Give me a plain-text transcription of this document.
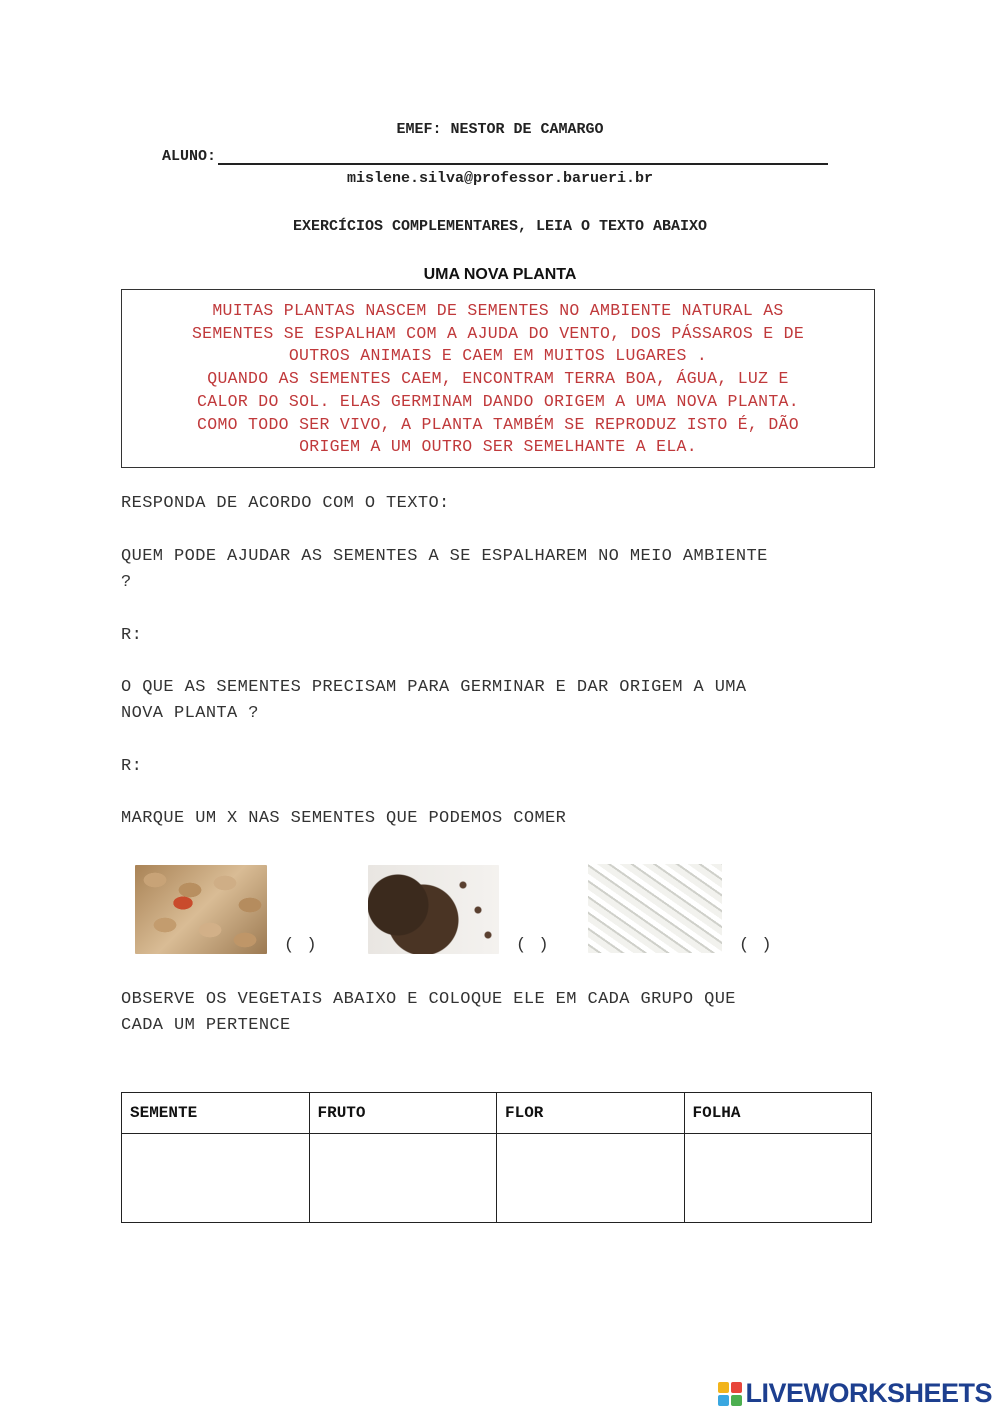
EMEF: NESTOR DE CAMARGO
ALUNO:
mislene.silva@professor.barueri.br
EXERCÍCIOS COMPLEMENTARES, LEIA O TEXTO ABAIXO
UMA NOVA PLANTA

MUITAS PLANTAS NASCEM DE SEMENTES NO AMBIENTE NATURAL AS

SEMENTES SE ESPALHAM COM A AJUDA DO VENTO, DOS PÁSSAROS E DE

OUTROS ANIMAIS E CAEM EM MUITOS LUGARES .

QUANDO AS SEMENTES CAEM, ENCONTRAM TERRA BOA, ÁGUA, LUZ E

CALOR DO SOL. ELAS GERMINAM DANDO ORIGEM A UMA NOVA PLANTA.

COMO TODO SER VIVO, A PLANTA TAMBÉM SE REPRODUZ ISTO É, DÃO

ORIGEM A UM OUTRO SER SEMELHANTE A ELA.

RESPONDA DE ACORDO COM O TEXTO:
QUEM PODE AJUDAR AS SEMENTES A SE ESPALHAREM NO MEIO AMBIENTE
?
R:
O QUE AS SEMENTES PRECISAM PARA GERMINAR E DAR ORIGEM A UMA
NOVA PLANTA ?
R:
MARQUE UM X NAS SEMENTES QUE PODEMOS COMER
( )	( )	( )
OBSERVE OS VEGETAIS ABAIXO E COLOQUE ELE EM CADA GRUPO QUE
CADA UM PERTENCE
SEMENTE	FRUTO	FLOR	FOLHA

LIVEWORKSHEETS
